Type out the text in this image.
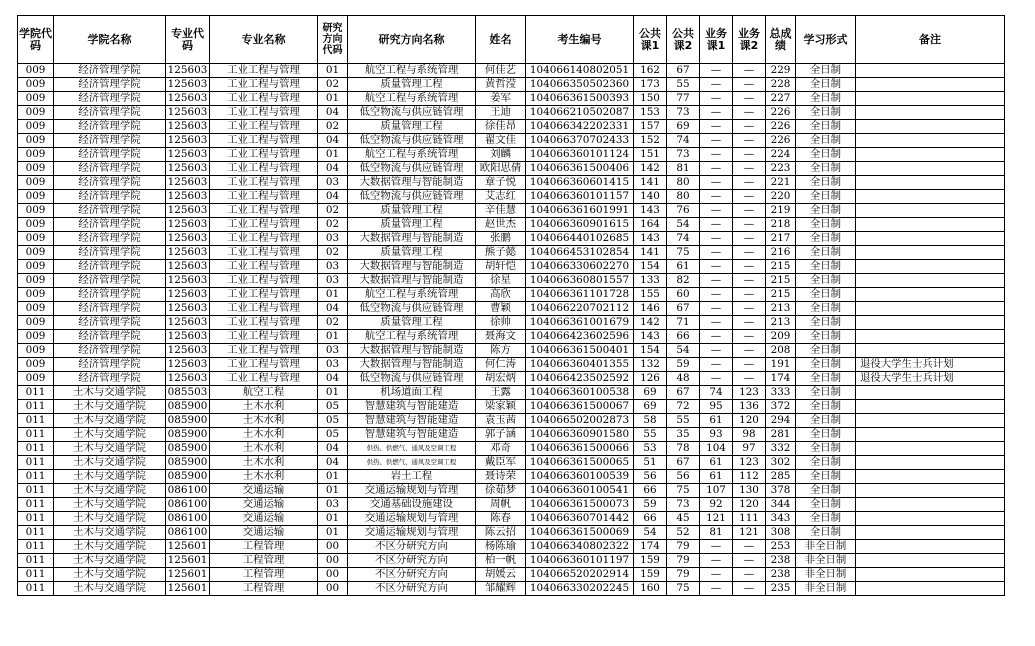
学院代码	学院名称	专业代码	专业名称	研究方向代码	研究方向名称	姓名	考生编号	公共课1	公共课2	业务课1	业务课2	总成绩	学习形式	备注
009	经济管理学院	125603	工业工程与管理	01	航空工程与系统管理	何佳艺	104066140802051	162	67	—	—	229	全日制	
009	经济管理学院	125603	工业工程与管理	02	质量管理工程	黄哲滢	104066350502360	173	55	—	—	228	全日制	
009	经济管理学院	125603	工业工程与管理	01	航空工程与系统管理	姜军	104066361500393	150	77	—	—	227	全日制	
009	经济管理学院	125603	工业工程与管理	04	低空物流与供应链管理	王迪	104066210502087	153	73	—	—	226	全日制	
009	经济管理学院	125603	工业工程与管理	02	质量管理工程	徐佳昂	104066342202331	157	69	—	—	226	全日制	
009	经济管理学院	125603	工业工程与管理	04	低空物流与供应链管理	翟文佳	104066370702433	152	74	—	—	226	全日制	
009	经济管理学院	125603	工业工程与管理	01	航空工程与系统管理	刘麟	104066360101124	151	73	—	—	224	全日制	
009	经济管理学院	125603	工业工程与管理	04	低空物流与供应链管理	欧阳思倩	104066361500406	142	81	—	—	223	全日制	
009	经济管理学院	125603	工业工程与管理	03	大数据管理与智能制造	章子悦	104066360601415	141	80	—	—	221	全日制	
009	经济管理学院	125603	工业工程与管理	04	低空物流与供应链管理	艾志红	104066360101157	140	80	—	—	220	全日制	
009	经济管理学院	125603	工业工程与管理	02	质量管理工程	辛佳慧	104066361601991	143	76	—	—	219	全日制	
009	经济管理学院	125603	工业工程与管理	02	质量管理工程	赵世杰	104066360901615	164	54	—	—	218	全日制	
009	经济管理学院	125603	工业工程与管理	03	大数据管理与智能制造	张鹏	104066440102685	143	74	—	—	217	全日制	
009	经济管理学院	125603	工业工程与管理	02	质量管理工程	熊子懿	104066453102854	141	75	—	—	216	全日制	
009	经济管理学院	125603	工业工程与管理	03	大数据管理与智能制造	胡轩恺	104066330602270	154	61	—	—	215	全日制	
009	经济管理学院	125603	工业工程与管理	03	大数据管理与智能制造	徐星	104066360801557	133	82	—	—	215	全日制	
009	经济管理学院	125603	工业工程与管理	01	航空工程与系统管理	高欣	104066361101728	155	60	—	—	215	全日制	
009	经济管理学院	125603	工业工程与管理	04	低空物流与供应链管理	曹颖	104066220702112	146	67	—	—	213	全日制	
009	经济管理学院	125603	工业工程与管理	02	质量管理工程	徐帅	104066361001679	142	71	—	—	213	全日制	
009	经济管理学院	125603	工业工程与管理	01	航空工程与系统管理	聂海文	104066423602596	143	66	—	—	209	全日制	
009	经济管理学院	125603	工业工程与管理	03	大数据管理与智能制造	陈方	104066361500401	154	54	—	—	208	全日制	
009	经济管理学院	125603	工业工程与管理	03	大数据管理与智能制造	何仁涛	104066360401355	132	59	—	—	191	全日制	退役大学生士兵计划
009	经济管理学院	125603	工业工程与管理	04	低空物流与供应链管理	胡宏炳	104066423502592	126	48	—	—	174	全日制	退役大学生士兵计划
011	土木与交通学院	085503	航空工程	01	机场道面工程	王露	104066360100538	69	67	74	123	333	全日制	
011	土木与交通学院	085900	土木水利	05	智慧建筑与智能建造	梁家颖	104066361500067	69	72	95	136	372	全日制	
011	土木与交通学院	085900	土木水利	05	智慧建筑与智能建造	袁玉茜	104066502002873	58	55	61	120	294	全日制	
011	土木与交通学院	085900	土木水利	05	智慧建筑与智能建造	郭子涵	104066360901580	55	35	93	98	281	全日制	
011	土木与交通学院	085900	土木水利	04	供热、供燃气、通风及空调工程	邓奇	104066361500066	53	78	104	97	332	全日制	
011	土木与交通学院	085900	土木水利	04	供热、供燃气、通风及空调工程	戴臣军	104066361500065	51	67	61	123	302	全日制	
011	土木与交通学院	085900	土木水利	01	岩土工程	聂诗荣	104066360100539	56	56	61	112	285	全日制	
011	土木与交通学院	086100	交通运输	01	交通运输规划与管理	徐茹梦	104066360100541	66	75	107	130	378	全日制	
011	土木与交通学院	086100	交通运输	03	交通基础设施建设	周帆	104066361500073	59	73	92	120	344	全日制	
011	土木与交通学院	086100	交通运输	01	交通运输规划与管理	陈春	104066360701442	66	45	121	111	343	全日制	
011	土木与交通学院	086100	交通运输	01	交通运输规划与管理	陈云招	104066361500069	54	52	81	121	308	全日制	
011	土木与交通学院	125601	工程管理	00	不区分研究方向	杨陈瑜	104066340802322	174	79	—	—	253	非全日制	
011	土木与交通学院	125601	工程管理	00	不区分研究方向	柏一帆	104066360101197	159	79	—	—	238	非全日制	
011	土木与交通学院	125601	工程管理	00	不区分研究方向	胡媛云	104066520202914	159	79	—	—	238	非全日制	
011	土木与交通学院	125601	工程管理	00	不区分研究方向	邹耀辉	104066330202245	160	75	—	—	235	非全日制	
